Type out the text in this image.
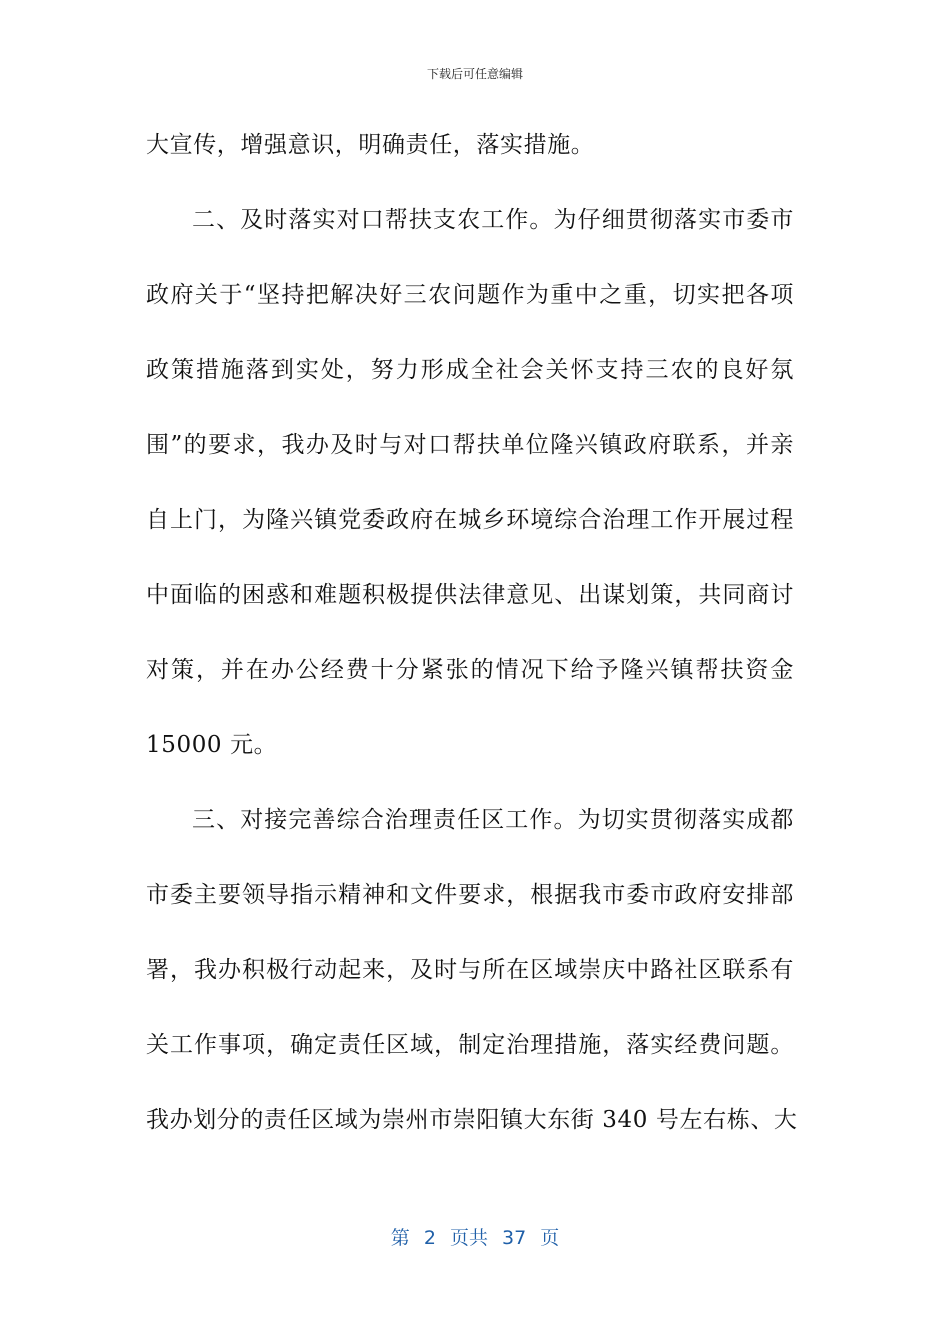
下载后可任意编辑
大宣传，增强意识，明确责任，落实措施。
二、及时落实对口帮扶支农工作。为仔细贯彻落实市委市
政府关于“坚持把解决好三农问题作为重中之重，切实把各项
政策措施落到实处，努力形成全社会关怀支持三农的良好氛
围”的要求，我办及时与对口帮扶单位隆兴镇政府联系，并亲
自上门，为隆兴镇党委政府在城乡环境综合治理工作开展过程
中面临的困惑和难题积极提供法律意见、出谋划策，共同商讨
对策，并在办公经费十分紧张的情况下给予隆兴镇帮扶资金
15000 元。
三、对接完善综合治理责任区工作。为切实贯彻落实成都
市委主要领导指示精神和文件要求，根据我市委市政府安排部
署，我办积极行动起来，及时与所在区域崇庆中路社区联系有
关工作事项，确定责任区域，制定治理措施，落实经费问题。
我办划分的责任区域为崇州市崇阳镇大东街 340 号左右栋、大
第 2 页共 37 页
